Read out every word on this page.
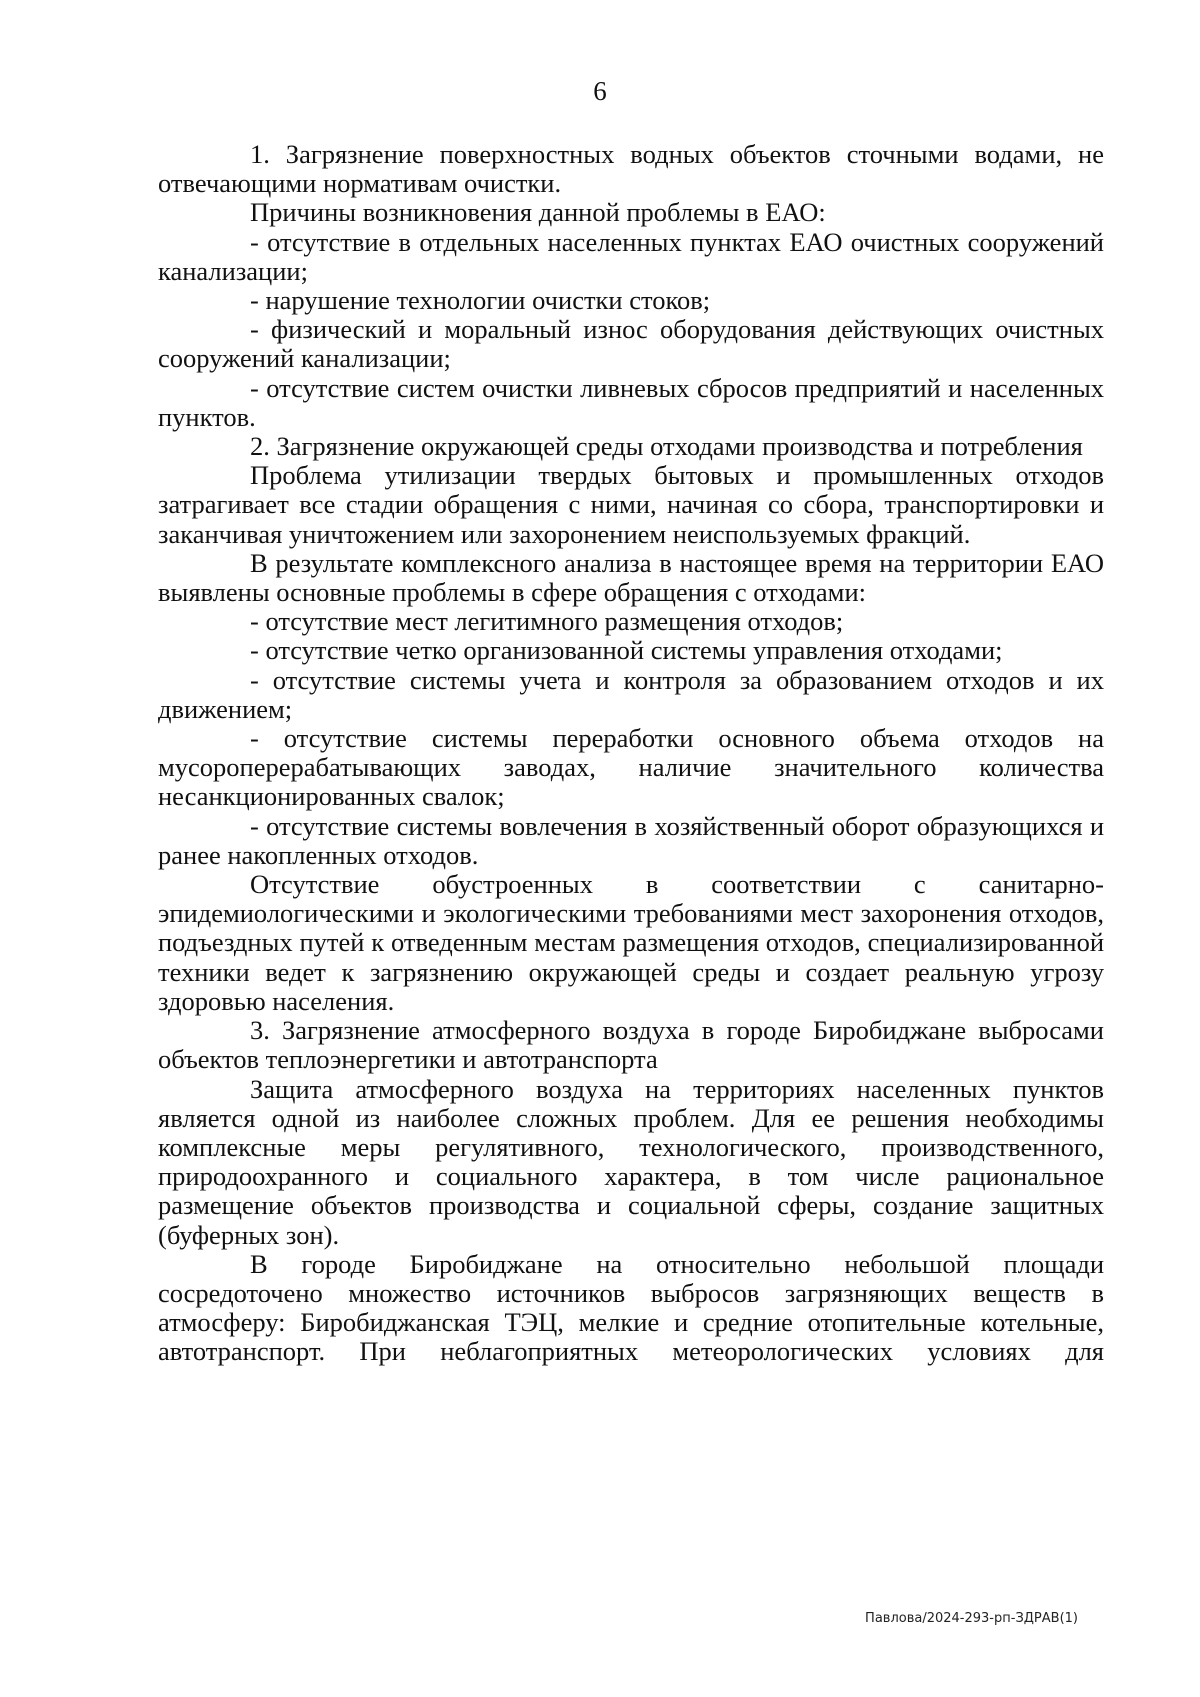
6

1. Загрязнение поверхностных водных объектов сточными водами, не отвечающими нормативам очистки.

Причины возникновения данной проблемы в ЕАО:

- отсутствие в отдельных населенных пунктах ЕАО очистных сооружений канализации;

- нарушение технологии очистки стоков;

- физический и моральный износ оборудования действующих очистных сооружений канализации;

- отсутствие систем очистки ливневых сбросов предприятий и населенных пунктов.

2. Загрязнение окружающей среды отходами производства и потребления

Проблема утилизации твердых бытовых и промышленных отходов затрагивает все стадии обращения с ними, начиная со сбора, транспортировки и заканчивая уничтожением или захоронением неиспользуемых фракций.

В результате комплексного анализа в настоящее время на территории ЕАО выявлены основные проблемы в сфере обращения с отходами:

- отсутствие мест легитимного размещения отходов;

- отсутствие четко организованной системы управления отходами;

- отсутствие системы учета и контроля за образованием отходов и их движением;

- отсутствие системы переработки основного объема отходов на мусороперерабатывающих заводах, наличие значительного количества несанкционированных свалок;

- отсутствие системы вовлечения в хозяйственный оборот образующихся и ранее накопленных отходов.

Отсутствие обустроенных в соответствии с санитарно-эпидемиологическими и экологическими требованиями мест захоронения отходов, подъездных путей к отведенным местам размещения отходов, специализированной техники ведет к загрязнению окружающей среды и создает реальную угрозу здоровью населения.

3. Загрязнение атмосферного воздуха в городе Биробиджане выбросами объектов теплоэнергетики и автотранспорта

Защита атмосферного воздуха на территориях населенных пунктов является одной из наиболее сложных проблем. Для ее решения необходимы комплексные меры регулятивного, технологического, производственного, природоохранного и социального характера, в том числе рациональное размещение объектов производства и социальной сферы, создание защитных (буферных зон).

В городе Биробиджане на относительно небольшой площади сосредоточено множество источников выбросов загрязняющих веществ в атмосферу: Биробиджанская ТЭЦ, мелкие и средние отопительные котельные, автотранспорт. При неблагоприятных метеорологических условиях для

Павлова/2024-293-рп-ЗДРАВ(1)
